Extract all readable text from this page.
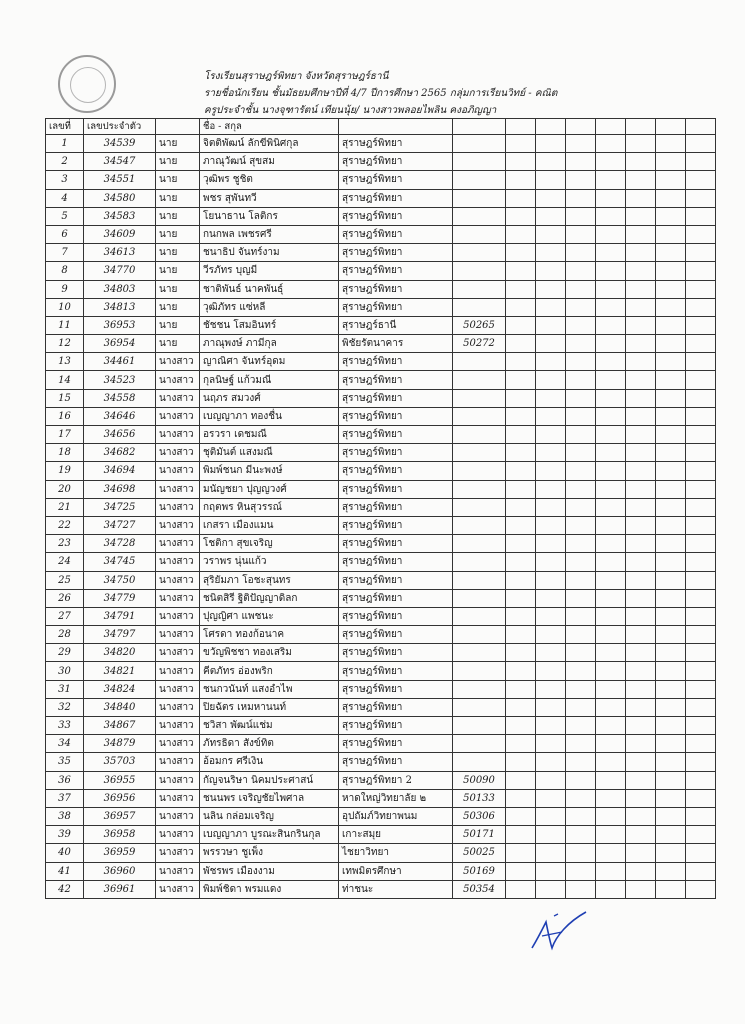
โรงเรียนสุราษฎร์พิทยา จังหวัดสุราษฎร์ธานี
รายชื่อนักเรียน ชั้นมัธยมศึกษาปีที่ 4/7 ปีการศึกษา 2565 กลุ่มการเรียนวิทย์ - คณิต
ครูประจำชั้น นางจุฑารัตน์ เทียนนุ้ย/ นางสาวพลอยไพลิน คงอภิญญา
เลขที่	เลขประจำตัว		ชื่อ - สกุล									
1	34539	นาย	จิตติพัฒน์ ลักขีพินิศกุล	สุราษฎร์พิทยา								
2	34547	นาย	ภาณุวัฒน์ สุขสม	สุราษฎร์พิทยา								
3	34551	นาย	วุฒิพร ชูชิต	สุราษฎร์พิทยา								
4	34580	นาย	พชร สุพันทวี	สุราษฎร์พิทยา								
5	34583	นาย	โยนาธาน โลติกร	สุราษฎร์พิทยา								
6	34609	นาย	กนกพล เพชรศรี	สุราษฎร์พิทยา								
7	34613	นาย	ชนาธิป จันทร์งาม	สุราษฎร์พิทยา								
8	34770	นาย	วีรภัทร บุญมี	สุราษฎร์พิทยา								
9	34803	นาย	ชาติพันธ์ นาคพันธุ์	สุราษฎร์พิทยา								
10	34813	นาย	วุฒิภัทร แซ่หลี	สุราษฎร์พิทยา								
11	36953	นาย	ชัชชน โสมอินทร์	สุราษฎร์ธานี	50265							
12	36954	นาย	ภาณุพงษ์ ภามีกุล	พิชัยรัตนาคาร	50272							
13	34461	นางสาว	ญาณิศา จันทร์อุดม	สุราษฎร์พิทยา								
14	34523	นางสาว	กุลนิษฐ์ แก้วมณี	สุราษฎร์พิทยา								
15	34558	นางสาว	นฤภร สมวงศ์	สุราษฎร์พิทยา								
16	34646	นางสาว	เบญญาภา ทองชื่น	สุราษฎร์พิทยา								
17	34656	นางสาว	อรวรา เดชมณี	สุราษฎร์พิทยา								
18	34682	นางสาว	ชุติมันต์ แสงมณี	สุราษฎร์พิทยา								
19	34694	นางสาว	พิมพ์ชนก มีนะพงษ์	สุราษฎร์พิทยา								
20	34698	นางสาว	มนัญชยา ปุญญวงศ์	สุราษฎร์พิทยา								
21	34725	นางสาว	กฤตพร หินสุวรรณ์	สุราษฎร์พิทยา								
22	34727	นางสาว	เกสรา เมืองแมน	สุราษฎร์พิทยา								
23	34728	นางสาว	โชติกา สุขเจริญ	สุราษฎร์พิทยา								
24	34745	นางสาว	วราพร นุ่นแก้ว	สุราษฎร์พิทยา								
25	34750	นางสาว	สุริยัมภา โอชะสุนทร	สุราษฎร์พิทยา								
26	34779	นางสาว	ชนิตสิรี ฐิติปัญญาดิลก	สุราษฎร์พิทยา								
27	34791	นางสาว	ปุญญิศา แพชนะ	สุราษฎร์พิทยา								
28	34797	นางสาว	โศรดา ทองก้อนาค	สุราษฎร์พิทยา								
29	34820	นางสาว	ขวัญพิชชา ทองเสริม	สุราษฎร์พิทยา								
30	34821	นางสาว	คีตภัทร อ่องพริก	สุราษฎร์พิทยา								
31	34824	นางสาว	ชนกวนันท์ แสงอำไพ	สุราษฎร์พิทยา								
32	34840	นางสาว	ปิยฉัตร เหมหานนท์	สุราษฎร์พิทยา								
33	34867	นางสาว	ชวิสา พัฒน์แช่ม	สุราษฎร์พิทยา								
34	34879	นางสาว	ภัทรธิดา สังข์ทิต	สุราษฎร์พิทยา								
35	35703	นางสาว	อ้อมกร ศรีเงิน	สุราษฎร์พิทยา								
36	36955	นางสาว	กัญจนริษา นิคมประศาสน์	สุราษฎร์พิทยา 2	50090							
37	36956	นางสาว	ชนนพร เจริญชัยไพศาล	หาดใหญ่วิทยาลัย ๒	50133							
38	36957	นางสาว	นลิน กล่อมเจริญ	อุปถัมภ์วิทยาพนม	50306							
39	36958	นางสาว	เบญญาภา บูรณะสินกรินกุล	เกาะสมุย	50171							
40	36959	นางสาว	พรรวษา ชูเพ็ง	ไชยาวิทยา	50025							
41	36960	นางสาว	พัชรพร เมืองงาม	เทพมิตรศึกษา	50169							
42	36961	นางสาว	พิมพ์ชิดา พรมแดง	ท่าชนะ	50354							
